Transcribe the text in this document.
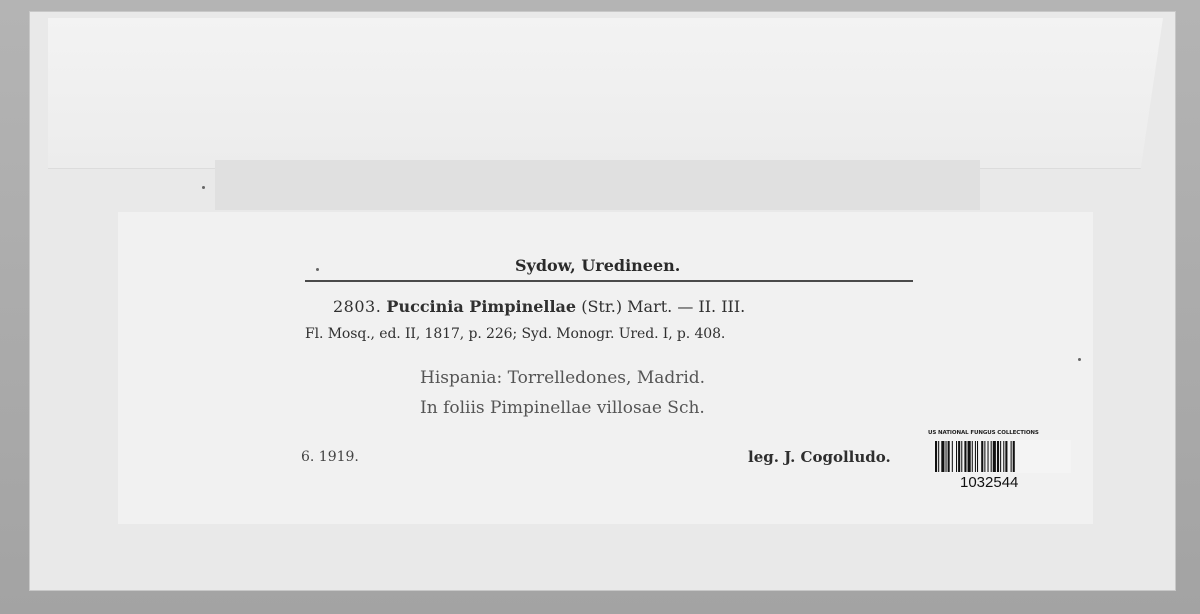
Sydow, Uredineen.
2803. Puccinia Pimpinellae (Str.) Mart. — II. III.
Fl. Mosq., ed. II, 1817, p. 226; Syd. Monogr. Ured. I, p. 408.
Hispania: Torrelledones, Madrid.
In foliis Pimpinellae villosae Sch.
6. 1919.	leg. J. Cogolludo.
US NATIONAL FUNGUS COLLECTIONS
1032544
